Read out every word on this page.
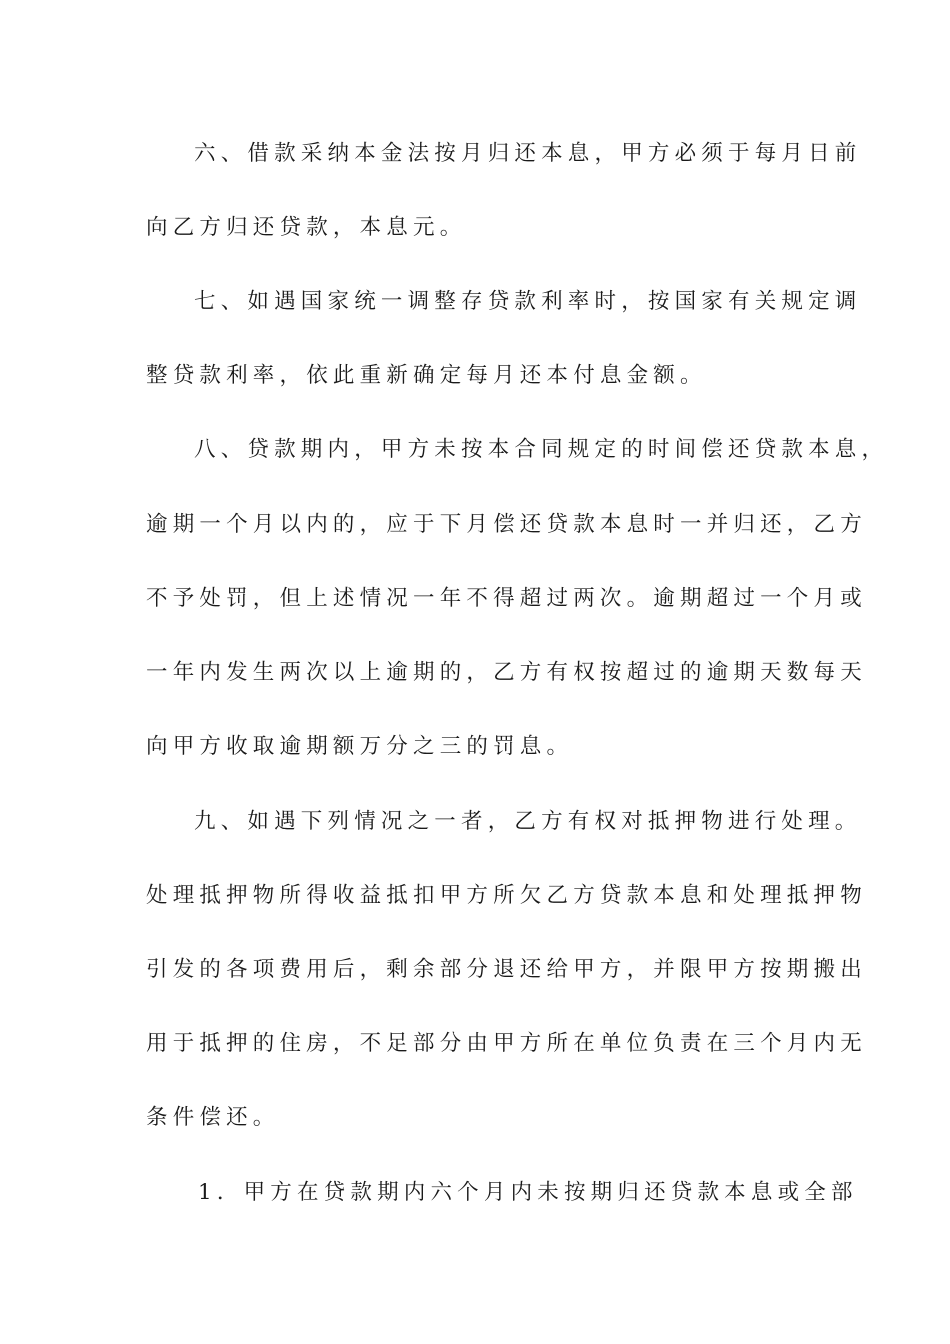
六、借款采纳本金法按月归还本息，甲方必须于每月日前
向乙方归还贷款，本息元。
七、如遇国家统一调整存贷款利率时，按国家有关规定调
整贷款利率，依此重新确定每月还本付息金额。
八、贷款期内，甲方未按本合同规定的时间偿还贷款本息，
逾期一个月以内的，应于下月偿还贷款本息时一并归还，乙方
不予处罚，但上述情况一年不得超过两次。逾期超过一个月或
一年内发生两次以上逾期的，乙方有权按超过的逾期天数每天
向甲方收取逾期额万分之三的罚息。
九、如遇下列情况之一者，乙方有权对抵押物进行处理。
处理抵押物所得收益抵扣甲方所欠乙方贷款本息和处理抵押物
引发的各项费用后，剩余部分退还给甲方，并限甲方按期搬出
用于抵押的住房，不足部分由甲方所在单位负责在三个月内无
条件偿还。
1．甲方在贷款期内六个月内未按期归还贷款本息或全部
